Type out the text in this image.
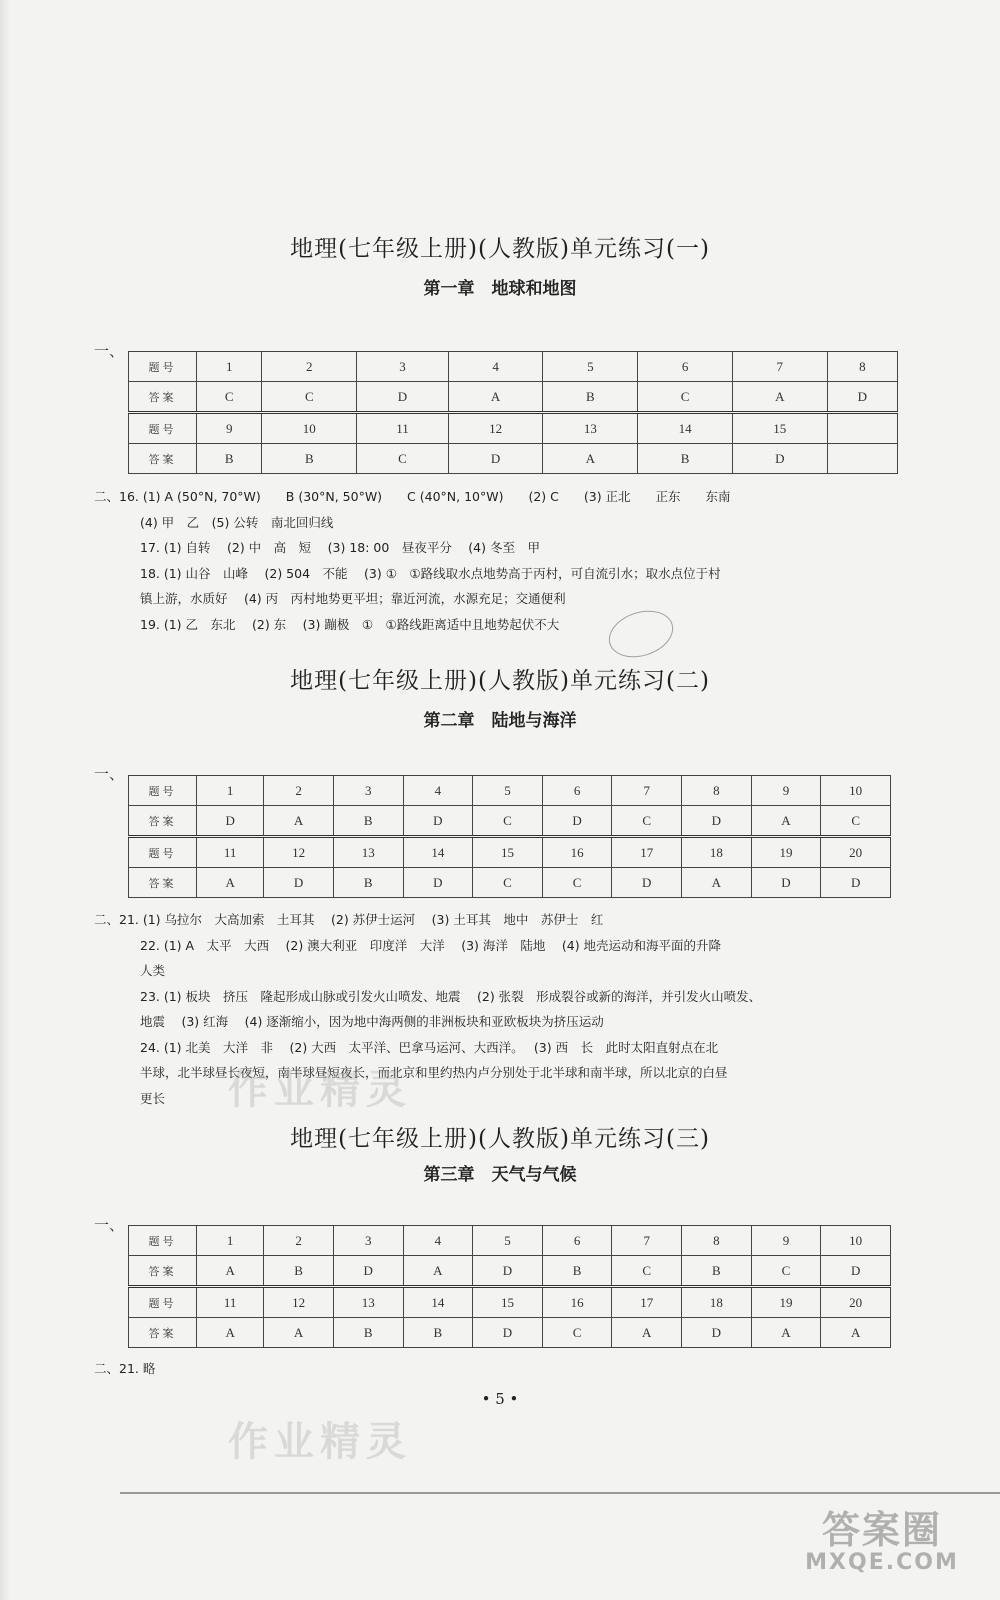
地理(七年级上册)(人教版)单元练习(一)
第一章　地球和地图
一、
题号	1	2	3	4	5	6	7	8
答案	C	C	D	A	B	C	A	D
题号	9	10	11	12	13	14	15	
答案	B	B	C	D	A	B	D	

二、16. (1) A (50°N, 70°W)　　B (30°N, 50°W)　　C (40°N, 10°W)　　(2) C　　(3) 正北　　正东　　东南

(4) 甲　乙　(5) 公转　南北回归线

17. (1) 自转　 (2) 中　高　短　 (3) 18: 00　昼夜平分　 (4) 冬至　甲

18. (1) 山谷　山峰　 (2) 504　不能　 (3) ①　①路线取水点地势高于丙村，可自流引水；取水点位于村

镇上游，水质好　 (4) 丙　丙村地势更平坦；靠近河流，水源充足；交通便利

19. (1) 乙　东北　 (2) 东　 (3) 蹦极　①　①路线距离适中且地势起伏不大

地理(七年级上册)(人教版)单元练习(二)
第二章　陆地与海洋
一、
题号	1	2	3	4	5	6	7	8	9	10
答案	D	A	B	D	C	D	C	D	A	C
题号	11	12	13	14	15	16	17	18	19	20
答案	A	D	B	D	C	C	D	A	D	D

二、21. (1) 乌拉尔　大高加索　土耳其　 (2) 苏伊士运河　 (3) 土耳其　地中　苏伊士　红

22. (1) A　太平　大西　 (2) 澳大利亚　印度洋　大洋　 (3) 海洋　陆地　 (4) 地壳运动和海平面的升降

人类

23. (1) 板块　挤压　隆起形成山脉或引发火山喷发、地震　 (2) 张裂　形成裂谷或新的海洋，并引发火山喷发、

地震　 (3) 红海　 (4) 逐渐缩小，因为地中海两侧的非洲板块和亚欧板块为挤压运动

24. (1) 北美　大洋　非　 (2) 大西　太平洋、巴拿马运河、大西洋。　 (3) 西　长　此时太阳直射点在北

半球，北半球昼长夜短，南半球昼短夜长，而北京和里约热内卢分别处于北半球和南半球，所以北京的白昼

更长

地理(七年级上册)(人教版)单元练习(三)
第三章　天气与气候
一、
题号	1	2	3	4	5	6	7	8	9	10
答案	A	B	D	A	D	B	C	B	C	D
题号	11	12	13	14	15	16	17	18	19	20
答案	A	A	B	B	D	C	A	D	A	A

二、21. 略

• 5 •
作业精灵
作业精灵
答案圈
MXQE.COM
